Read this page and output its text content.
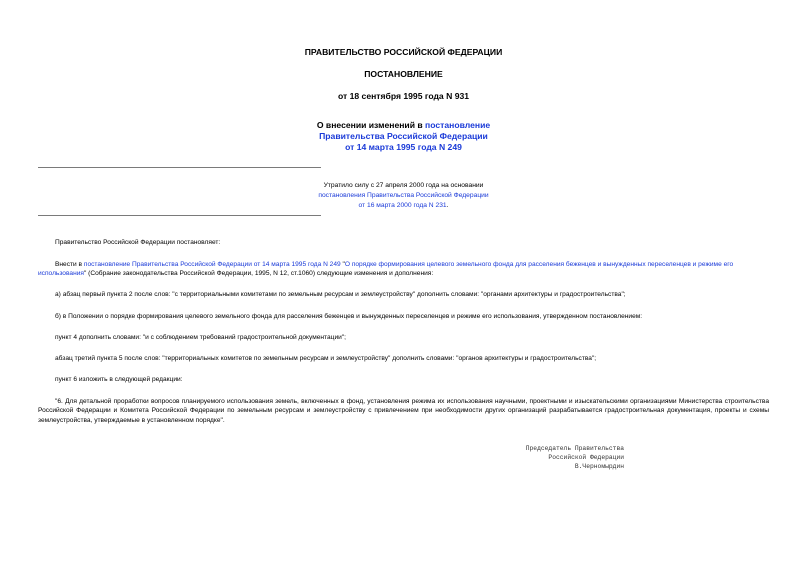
ПРАВИТЕЛЬСТВО РОССИЙСКОЙ ФЕДЕРАЦИИ
ПОСТАНОВЛЕНИЕ
от 18 сентября 1995 года N 931
О внесении изменений в постановление
Правительства Российской Федерации
от 14 марта 1995 года N 249
Утратило силу с 27 апреля 2000 года на основании
постановления Правительства Российской Федерации
от 16 марта 2000 года N 231.
Правительство Российской Федерации постановляет:
Внести в постановление Правительства Российской Федерации от 14 марта 1995 года N 249 "О порядке формирования целевого земельного фонда для расселения беженцев и вынужденных переселенцев и режиме его использования" (Собрание законодательства Российской Федерации, 1995, N 12, ст.1060) следующие изменения и дополнения:
а) абзац первый пункта 2 после слов: "с территориальными комитетами по земельным ресурсам и землеустройству" дополнить словами: "органами архитектуры и градостроительства";
б) в Положении о порядке формирования целевого земельного фонда для расселения беженцев и вынужденных переселенцев и режиме его использования, утвержденном постановлением:
пункт 4 дополнить словами: "и с соблюдением требований градостроительной документации";
абзац третий пункта 5 после слов: "территориальных комитетов по земельным ресурсам и землеустройству" дополнить словами: "органов архитектуры и градостроительства";
пункт 6 изложить в следующей редакции:
"6. Для детальной проработки вопросов планируемого использования земель, включенных в фонд, установления режима их использования научными, проектными и изыскательскими организациями Министерства строительства Российской Федерации и Комитета Российской Федерации по земельным ресурсам и землеустройству с привлечением при необходимости других организаций разрабатывается градостроительная документация, проекты и схемы землеустройства, утверждаемые в установленном порядке".
Председатель Правительства
Российской Федерации
В.Черномырдин
